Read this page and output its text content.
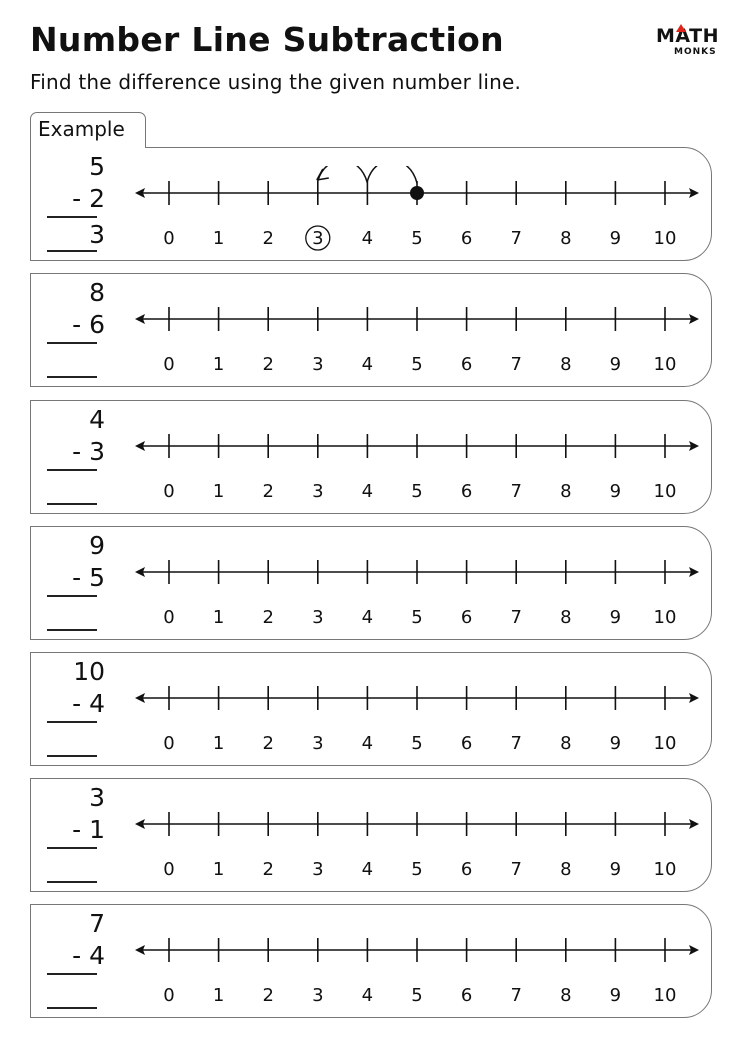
Number Line Subtraction

Find the difference using the given number line.

MATH
MONKS
Example
5
- 2
3	0 1 2 3 4 5 6 7 8 9 10
8
- 6
0 1 2 3 4 5 6 7 8 9 10
4
- 3
0 1 2 3 4 5 6 7 8 9 10
9
- 5
0 1 2 3 4 5 6 7 8 9 10
10
- 4
0 1 2 3 4 5 6 7 8 9 10
3
- 1
0 1 2 3 4 5 6 7 8 9 10
7
- 4
0 1 2 3 4 5 6 7 8 9 10
